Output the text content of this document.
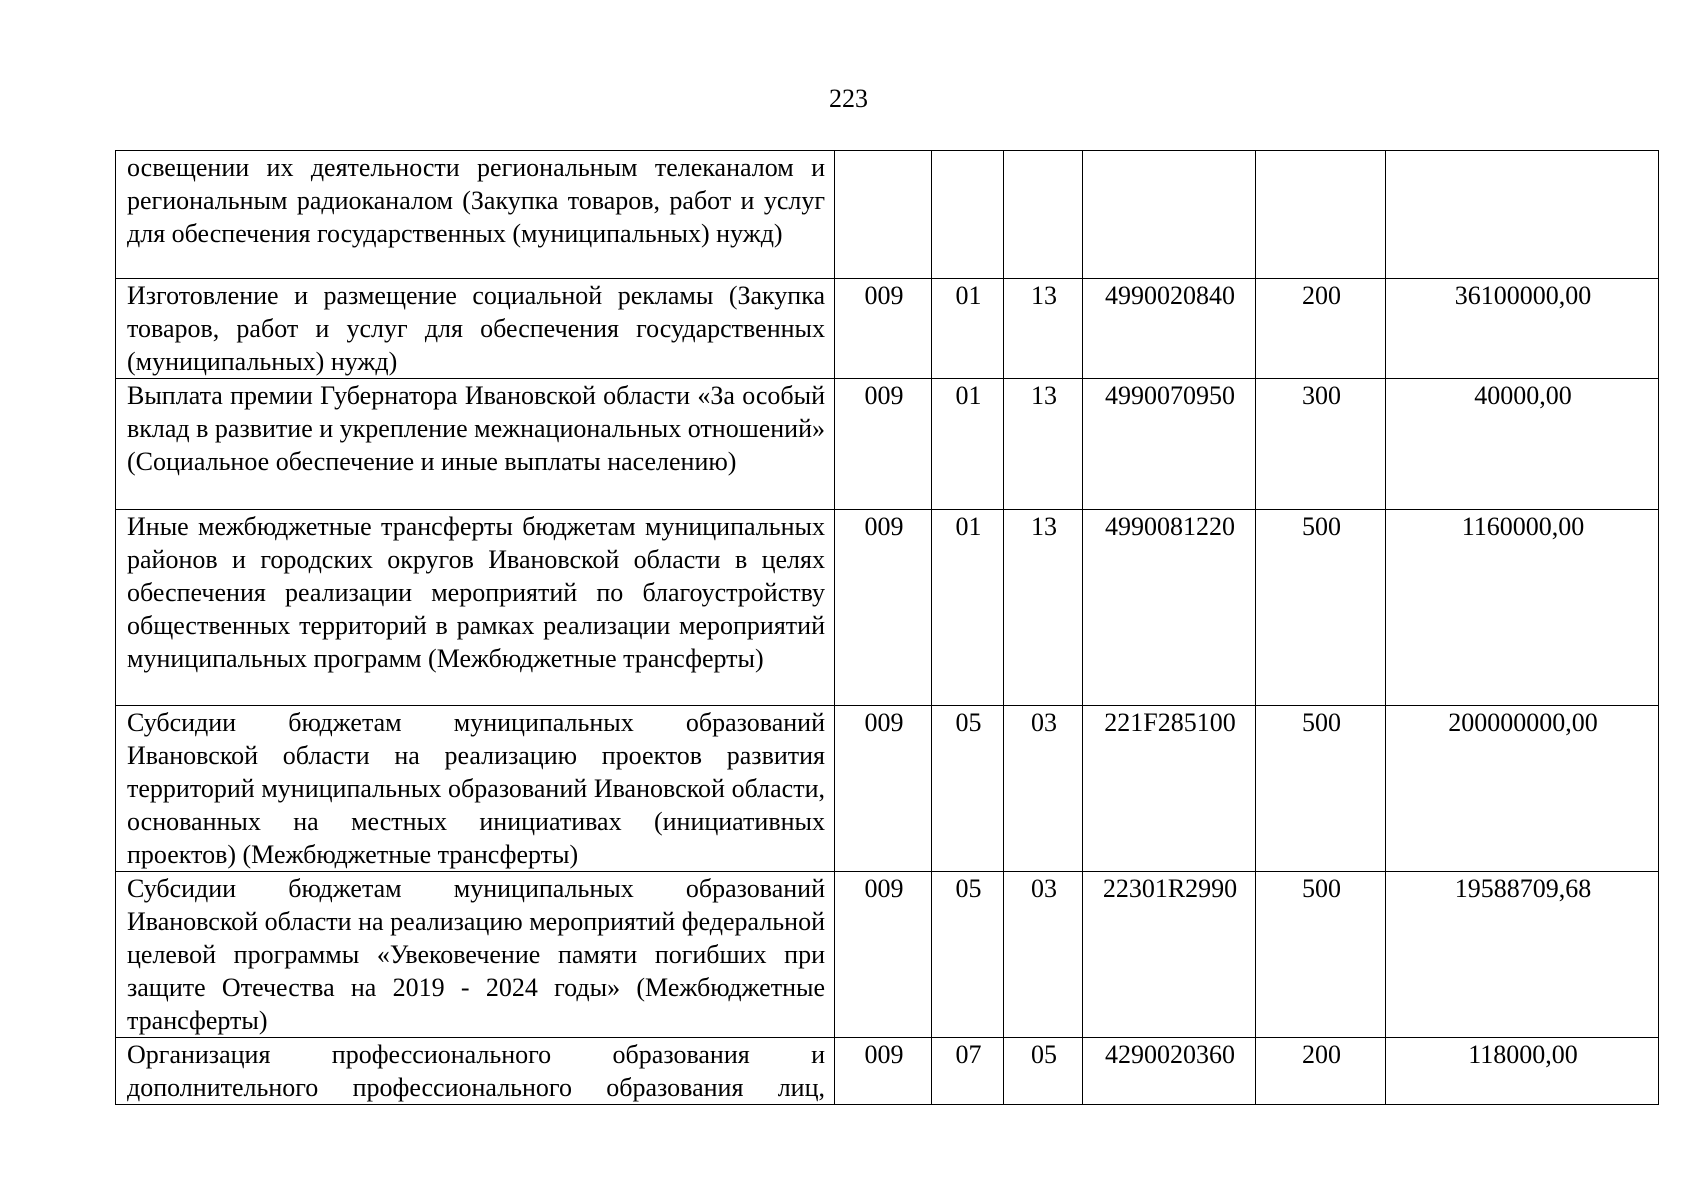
223
освещении их деятельности региональным телеканалом и региональным радиоканалом (Закупка товаров, работ и услуг для обеспечения государственных (муниципальных) нужд)						
Изготовление и размещение социальной рекламы (Закупка товаров, работ и услуг для обеспечения государственных (муниципальных) нужд)	009	01	13	4990020840	200	36100000,00
Выплата премии Губернатора Ивановской области «За особый вклад в развитие и укрепление межнациональных отношений» (Социальное обеспечение и иные выплаты населению)	009	01	13	4990070950	300	40000,00
Иные межбюджетные трансферты бюджетам муниципальных районов и городских округов Ивановской области в целях обеспечения реализации мероприятий по благоустройству общественных территорий в рамках реализации мероприятий муниципальных программ (Межбюджетные трансферты)	009	01	13	4990081220	500	1160000,00
Субсидии бюджетам муниципальных образований Ивановской области на реализацию проектов развития территорий муниципальных образований Ивановской области, основанных на местных инициативах (инициативных проектов) (Межбюджетные трансферты)	009	05	03	221F285100	500	200000000,00
Субсидии бюджетам муниципальных образований Ивановской области на реализацию мероприятий федеральной целевой программы «Увековечение памяти погибших при защите Отечества на 2019 - 2024 годы» (Межбюджетные трансферты)	009	05	03	22301R2990	500	19588709,68
Организация профессионального образования и дополнительного профессионального образования лиц,	009	07	05	4290020360	200	118000,00
